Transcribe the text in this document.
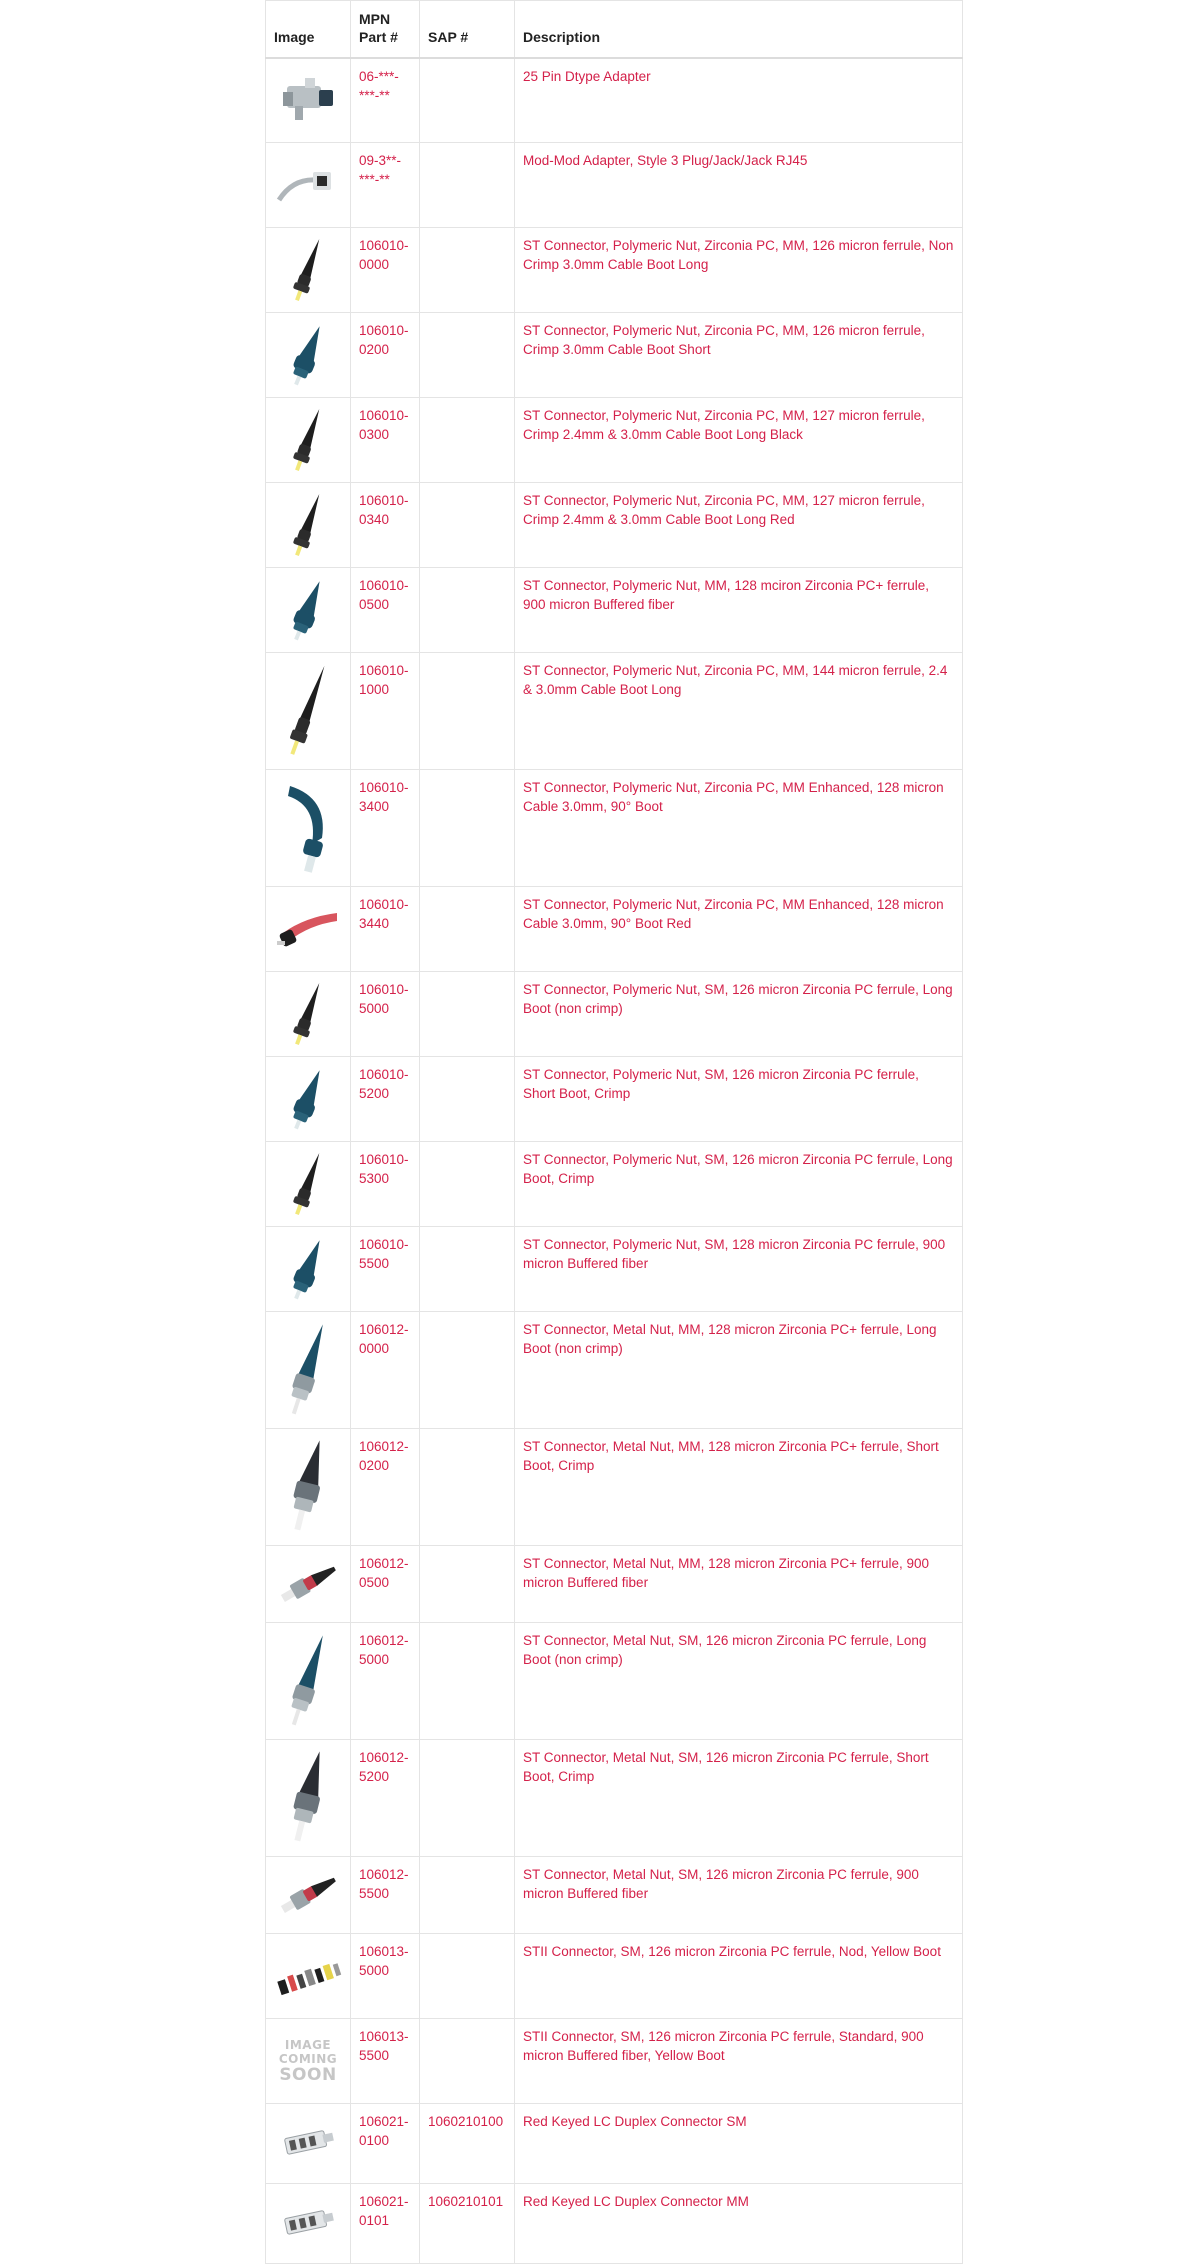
Image	MPN Part #	SAP #	Description

	06-***-***-**		25 Pin Dtype Adapter

	09-3**-***-**		Mod-Mod Adapter, Style 3 Plug/Jack/Jack RJ45

	106010-0000		ST Connector, Polymeric Nut, Zirconia PC, MM, 126 micron ferrule, Non Crimp 3.0mm Cable Boot Long

	106010-0200		ST Connector, Polymeric Nut, Zirconia PC, MM, 126 micron ferrule, Crimp 3.0mm Cable Boot Short

	106010-0300		ST Connector, Polymeric Nut, Zirconia PC, MM, 127 micron ferrule, Crimp 2.4mm & 3.0mm Cable Boot Long Black

	106010-0340		ST Connector, Polymeric Nut, Zirconia PC, MM, 127 micron ferrule, Crimp 2.4mm & 3.0mm Cable Boot Long Red

	106010-0500		ST Connector, Polymeric Nut, MM, 128 mciron Zirconia PC+ ferrule, 900 micron Buffered fiber

	106010-1000		ST Connector, Polymeric Nut, Zirconia PC, MM, 144 micron ferrule, 2.4 & 3.0mm Cable Boot Long

	106010-3400		ST Connector, Polymeric Nut, Zirconia PC, MM Enhanced, 128 micron Cable 3.0mm, 90° Boot

	106010-3440		ST Connector, Polymeric Nut, Zirconia PC, MM Enhanced, 128 micron Cable 3.0mm, 90° Boot Red

	106010-5000		ST Connector, Polymeric Nut, SM, 126 micron Zirconia PC ferrule, Long Boot (non crimp)

	106010-5200		ST Connector, Polymeric Nut, SM, 126 micron Zirconia PC ferrule, Short Boot, Crimp

	106010-5300		ST Connector, Polymeric Nut, SM, 126 micron Zirconia PC ferrule, Long Boot, Crimp

	106010-5500		ST Connector, Polymeric Nut, SM, 128 micron Zirconia PC ferrule, 900 micron Buffered fiber

	106012-0000		ST Connector, Metal Nut, MM, 128 micron Zirconia PC+ ferrule, Long Boot (non crimp)

	106012-0200		ST Connector, Metal Nut, MM, 128 micron Zirconia PC+ ferrule, Short Boot, Crimp

	106012-0500		ST Connector, Metal Nut, MM, 128 micron Zirconia PC+ ferrule, 900 micron Buffered fiber

	106012-5000		ST Connector, Metal Nut, SM, 126 micron Zirconia PC ferrule, Long Boot (non crimp)

	106012-5200		ST Connector, Metal Nut, SM, 126 micron Zirconia PC ferrule, Short Boot, Crimp

	106012-5500		ST Connector, Metal Nut, SM, 126 micron Zirconia PC ferrule, 900 micron Buffered fiber

	106013-5000		STII Connector, SM, 126 micron Zirconia PC ferrule, Nod, Yellow Boot

IMAGE
COMING
SOON	106013-5500		STII Connector, SM, 126 micron Zirconia PC ferrule, Standard, 900 micron Buffered fiber, Yellow Boot

	106021-0100	1060210100	Red Keyed LC Duplex Connector SM

	106021-0101	1060210101	Red Keyed LC Duplex Connector MM
